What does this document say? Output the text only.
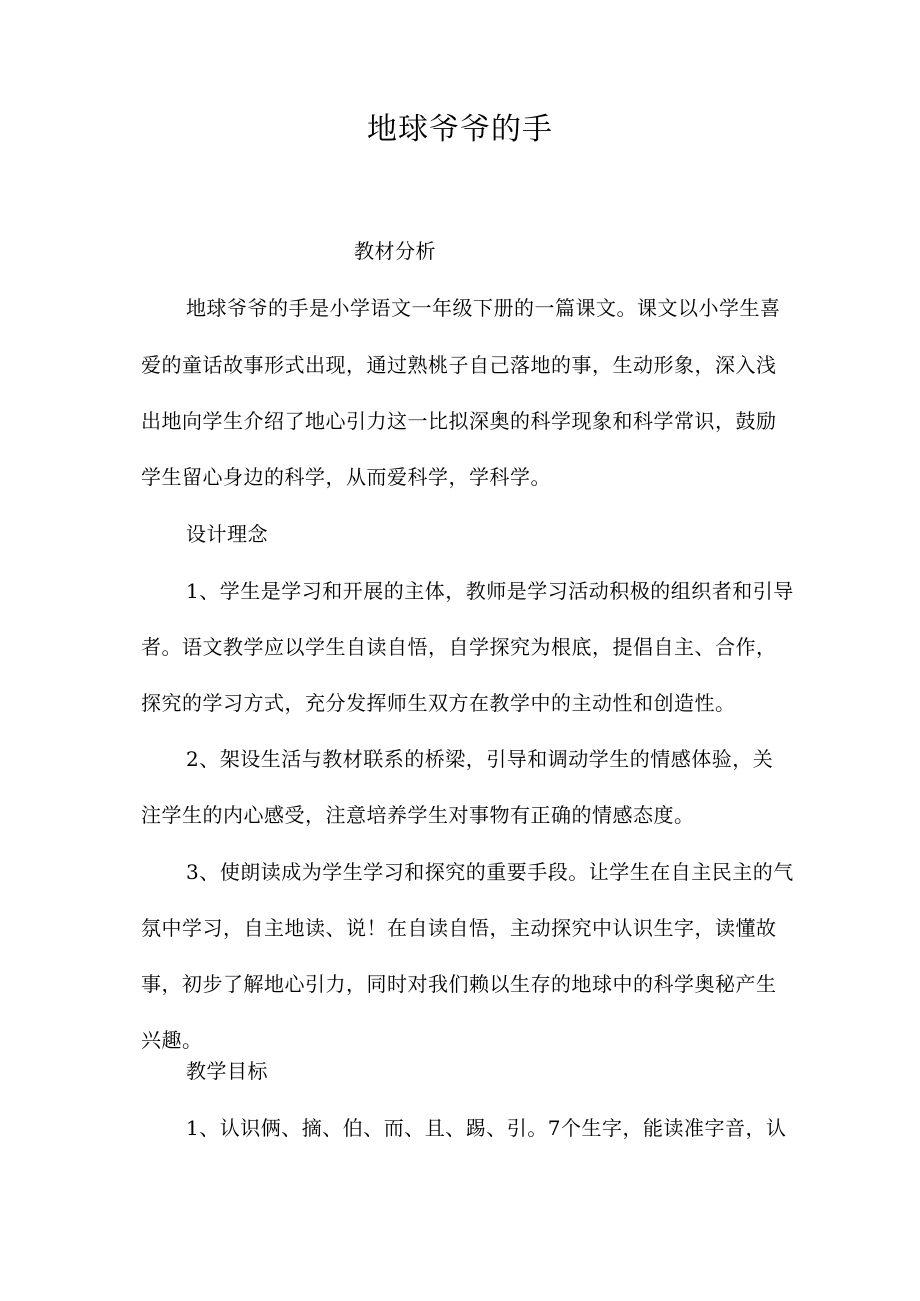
地球爷爷的手
教材分析
地球爷爷的手是小学语文一年级下册的一篇课文。课文以小学生喜
爱的童话故事形式出现，通过熟桃子自己落地的事，生动形象，深入浅
出地向学生介绍了地心引力这一比拟深奥的科学现象和科学常识，鼓励
学生留心身边的科学，从而爱科学，学科学。
设计理念
1、学生是学习和开展的主体，教师是学习活动积极的组织者和引导
者。语文教学应以学生自读自悟，自学探究为根底，提倡自主、合作，
探究的学习方式，充分发挥师生双方在教学中的主动性和创造性。
2、架设生活与教材联系的桥梁，引导和调动学生的情感体验，关
注学生的内心感受，注意培养学生对事物有正确的情感态度。
3、使朗读成为学生学习和探究的重要手段。让学生在自主民主的气
氛中学习，自主地读、说！在自读自悟，主动探究中认识生字，读懂故
事，初步了解地心引力，同时对我们赖以生存的地球中的科学奥秘产生
兴趣。
教学目标
1、认识俩、摘、伯、而、且、踢、引。7个生字，能读准字音，认
